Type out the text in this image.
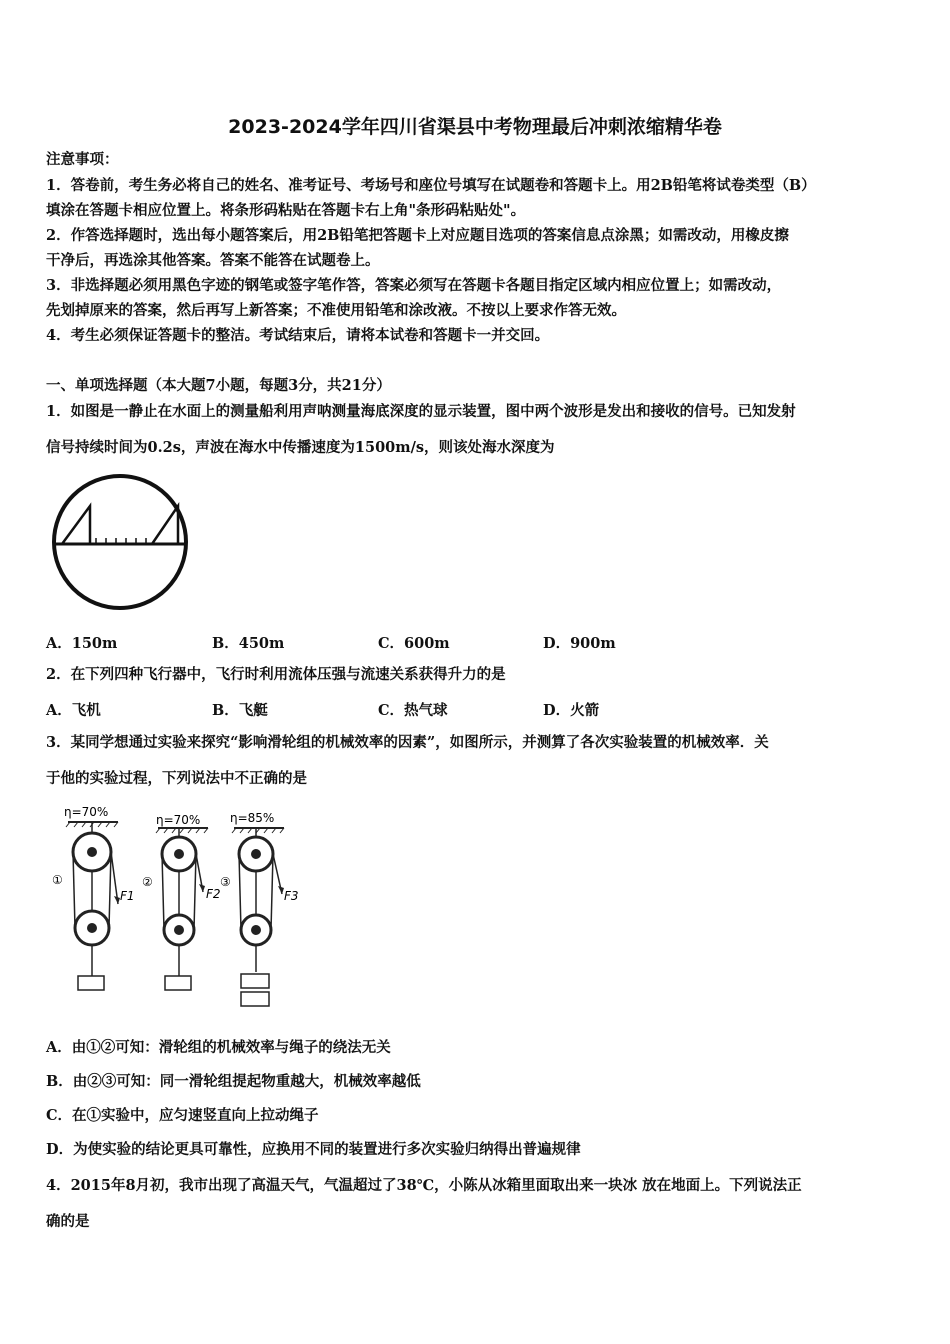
2023-2024学年四川省渠县中考物理最后冲刺浓缩精华卷
注意事项：
1．答卷前，考生务必将自己的姓名、准考证号、考场号和座位号填写在试题卷和答题卡上。用2B铅笔将试卷类型（B）
填涂在答题卡相应位置上。将条形码粘贴在答题卡右上角"条形码粘贴处"。
2．作答选择题时，选出每小题答案后，用2B铅笔把答题卡上对应题目选项的答案信息点涂黑；如需改动，用橡皮擦
干净后，再选涂其他答案。答案不能答在试题卷上。
3．非选择题必须用黑色字迹的钢笔或签字笔作答，答案必须写在答题卡各题目指定区域内相应位置上；如需改动，
先划掉原来的答案，然后再写上新答案；不准使用铅笔和涂改液。不按以上要求作答无效。
4．考生必须保证答题卡的整洁。考试结束后，请将本试卷和答题卡一并交回。
一、单项选择题（本大题7小题，每题3分，共21分）
1．如图是一静止在水面上的测量船利用声呐测量海底深度的显示装置，图中两个波形是发出和接收的信号。已知发射
信号持续时间为0.2s，声波在海水中传播速度为1500m/s，则该处海水深度为
A．150m	B．450m	C．600m	D．900m
2．在下列四种飞行器中，飞行时利用流体压强与流速关系获得升力的是
A．飞机	B．飞艇	C．热气球	D．火箭
3．某同学想通过实验来探究“影响滑轮组的机械效率的因素”，如图所示，并测算了各次实验装置的机械效率．关
于他的实验过程，下列说法中不正确的是
η=70%
F1
①
η=70%
F2
②
η=85%
F3
③
A．由①②可知：滑轮组的机械效率与绳子的绕法无关
B．由②③可知：同一滑轮组提起物重越大，机械效率越低
C．在①实验中，应匀速竖直向上拉动绳子
D．为使实验的结论更具可靠性，应换用不同的装置进行多次实验归纳得出普遍规律
4．2015年8月初，我市出现了高温天气，气温超过了38℃，小陈从冰箱里面取出来一块冰 放在地面上。下列说法正
确的是
